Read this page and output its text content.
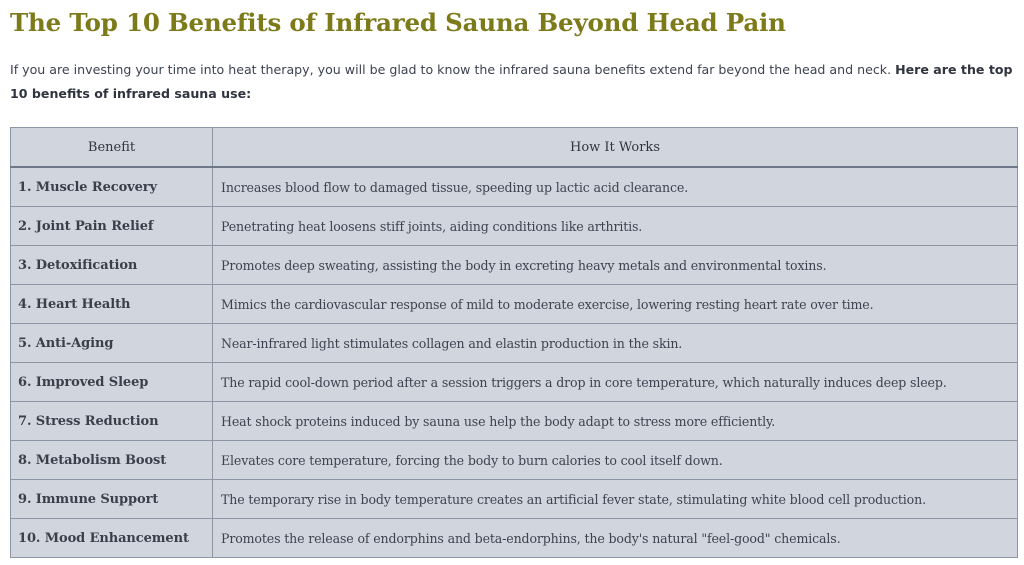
The Top 10 Benefits of Infrared Sauna Beyond Head Pain

If you are investing your time into heat therapy, you will be glad to know the infrared sauna benefits extend far beyond the head and neck. Here are the top 10 benefits of infrared sauna use:

Benefit	How It Works
1. Muscle Recovery	Increases blood flow to damaged tissue, speeding up lactic acid clearance.
2. Joint Pain Relief	Penetrating heat loosens stiff joints, aiding conditions like arthritis.
3. Detoxification	Promotes deep sweating, assisting the body in excreting heavy metals and environmental toxins.
4. Heart Health	Mimics the cardiovascular response of mild to moderate exercise, lowering resting heart rate over time.
5. Anti-Aging	Near-infrared light stimulates collagen and elastin production in the skin.
6. Improved Sleep	The rapid cool-down period after a session triggers a drop in core temperature, which naturally induces deep sleep.
7. Stress Reduction	Heat shock proteins induced by sauna use help the body adapt to stress more efficiently.
8. Metabolism Boost	Elevates core temperature, forcing the body to burn calories to cool itself down.
9. Immune Support	The temporary rise in body temperature creates an artificial fever state, stimulating white blood cell production.
10. Mood Enhancement	Promotes the release of endorphins and beta-endorphins, the body's natural "feel-good" chemicals.
